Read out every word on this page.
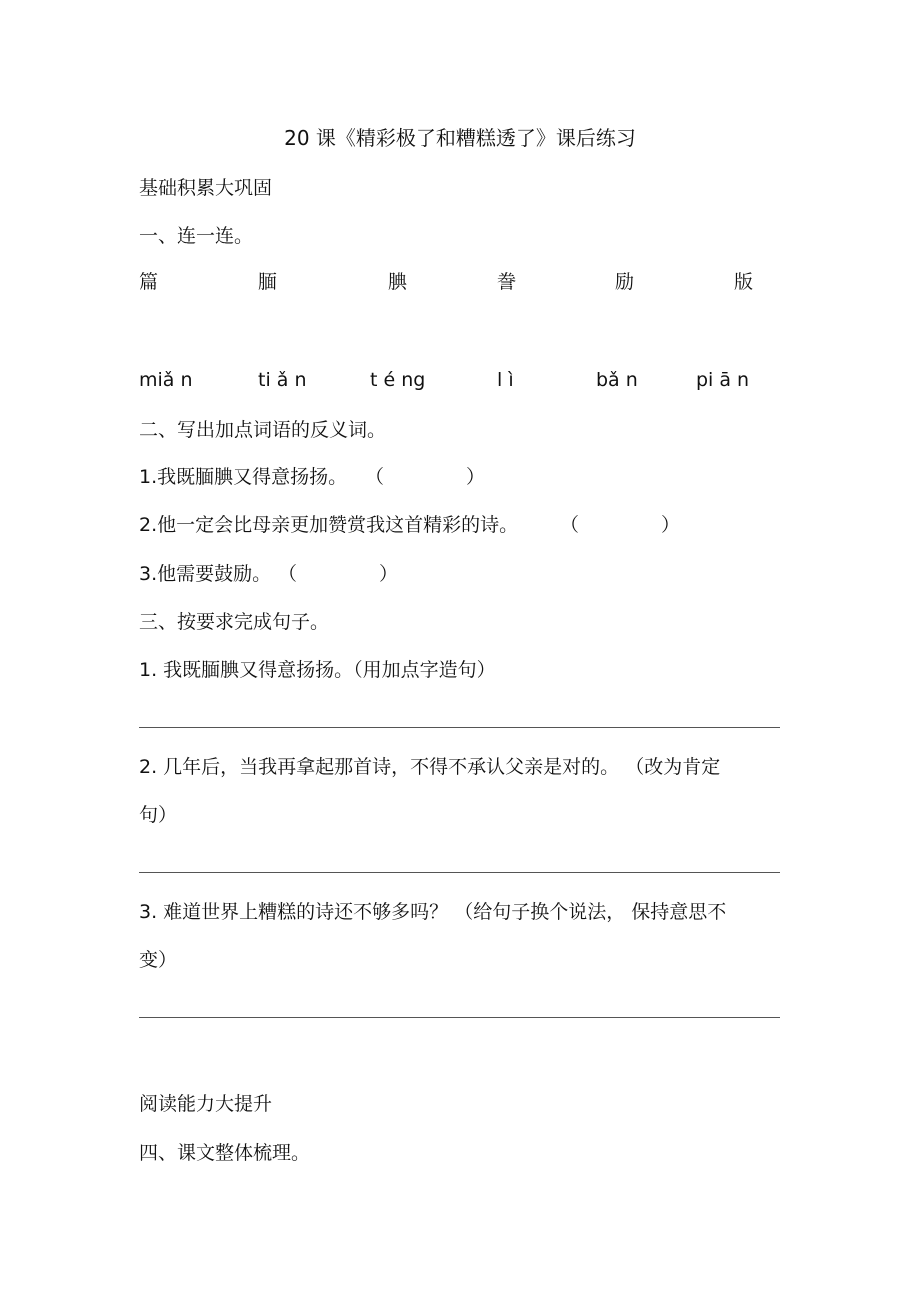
20 课《精彩极了和糟糕透了》课后练习
基础积累大巩固
一、连一连。
篇	腼	腆	誊	励	版
miǎ n	ti ǎ n	t é ng	l ì	bǎ n	pi ā n
二、写出加点词语的反义词。
1.我既腼腆又得意扬扬。 （ 　　　　）
2.他一定会比母亲更加赞赏我这首精彩的诗。 （ 　　　　）
3.他需要鼓励。 （ 　　　　）
三、按要求完成句子。
1. 我既腼腆又得意扬扬。（用加点字造句）
2. 几年后，当我再拿起那首诗，不得不承认父亲是对的。 （改为肯定
句）
3. 难道世界上糟糕的诗还不够多吗？ （给句子换个说法， 保持意思不
变）
阅读能力大提升
四、课文整体梳理。
